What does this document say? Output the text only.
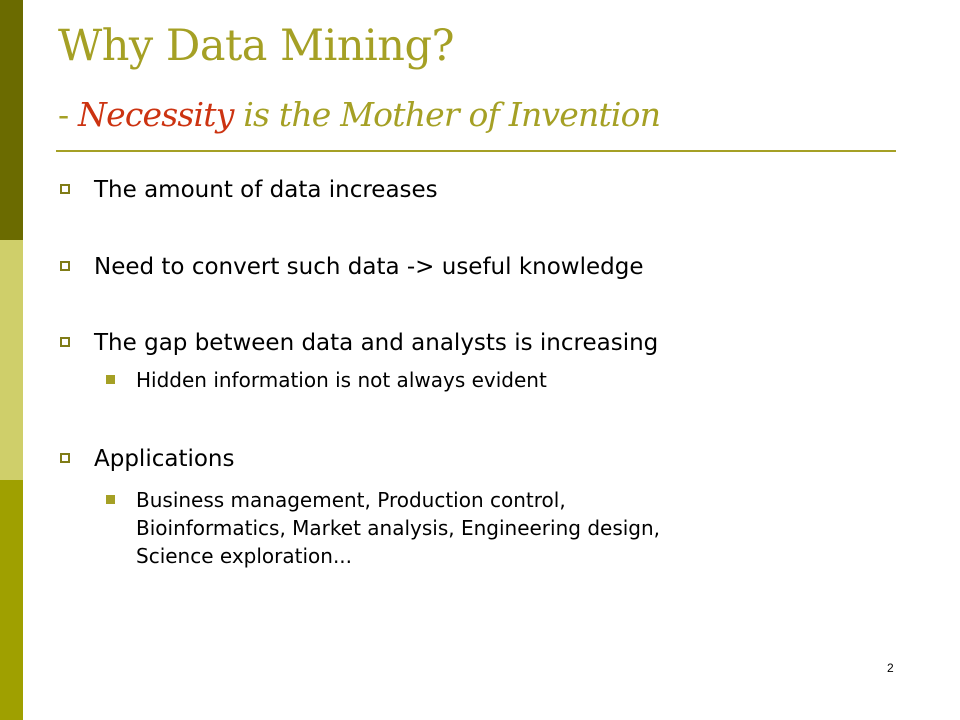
Why Data Mining?
- Necessity is the Mother of Invention
The amount of data increases
Need to convert such data -> useful knowledge
The gap between data and analysts is increasing
Hidden information is not always evident
Applications
Business management, Production control,
Bioinformatics, Market analysis, Engineering design,
Science exploration...
2
